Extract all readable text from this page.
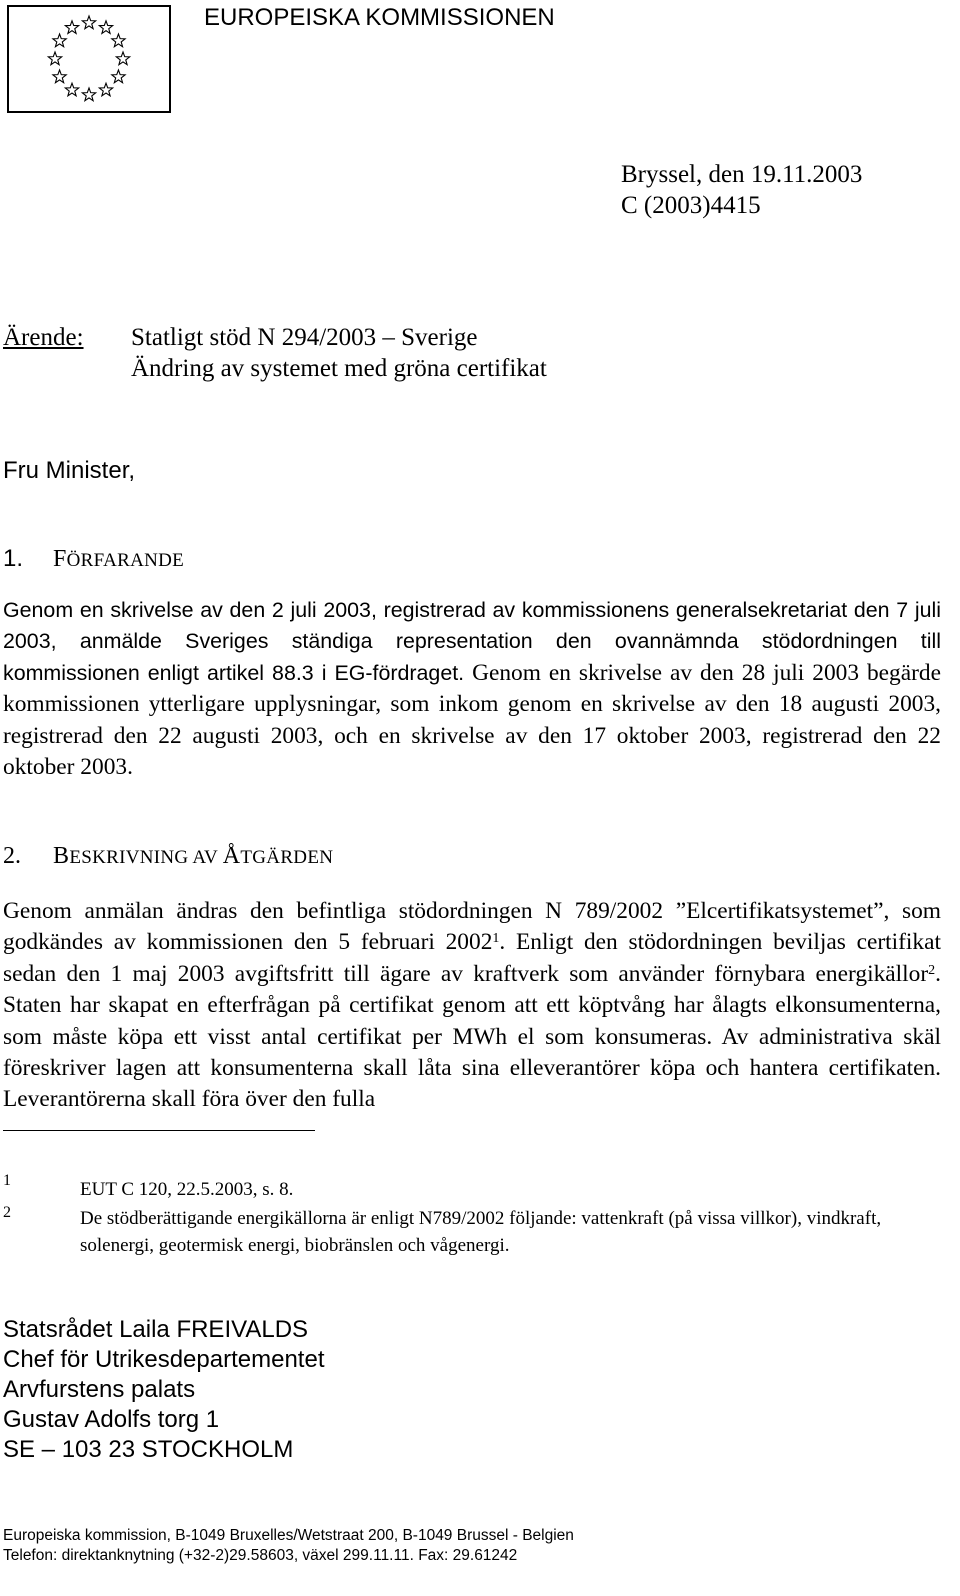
EUROPEISKA KOMMISSIONEN
Bryssel, den 19.11.2003
C (2003)4415
Ärende: Statligt stöd N 294/2003 – Sverige
Ändring av systemet med gröna certifikat
Fru Minister,
1. FÖRFARANDE
Genom en skrivelse av den 2 juli 2003, registrerad av kommissionens generalsekretariat den 7 juli 2003, anmälde Sveriges ständiga representation den ovannämnda stödordningen till kommissionen enligt artikel 88.3 i EG-fördraget. Genom en skrivelse av den 28 juli 2003 begärde kommissionen ytterligare upplysningar, som inkom genom en skrivelse av den 18 augusti 2003, registrerad den 22 augusti 2003, och en skrivelse av den 17 oktober 2003, registrerad den 22 oktober 2003.
2. BESKRIVNING AV ÅTGÄRDEN
Genom anmälan ändras den befintliga stödordningen N 789/2002 ”Elcertifikatsystemet”, som godkändes av kommissionen den 5 februari 2002$^1$. Enligt den stödordningen beviljas certifikat sedan den 1 maj 2003 avgiftsfritt till ägare av kraftverk som använder förnybara energikällor$^2$. Staten har skapat en efterfrågan på certifikat genom att ett köptvång har ålagts elkonsumenterna, som måste köpa ett visst antal certifikat per MWh el som konsumeras. Av administrativa skäl föreskriver lagen att konsumenterna skall låta sina elleverantörer köpa och hantera certifikaten. Leverantörerna skall föra över den fulla
1	EUT C 120, 22.5.2003, s. 8.
2	De stödberättigande energikällorna är enligt N789/2002 följande: vattenkraft (på vissa villkor), vindkraft, solenergi, geotermisk energi, biobränslen och vågenergi.
Statsrådet Laila FREIVALDS
Chef för Utrikesdepartementet
Arvfurstens palats
Gustav Adolfs torg 1
SE – 103 23 STOCKHOLM
Europeiska kommission, B-1049 Bruxelles/Wetstraat 200, B-1049 Brussel - Belgien
Telefon: direktanknytning (+32-2)29.58603, växel 299.11.11. Fax: 29.61242
